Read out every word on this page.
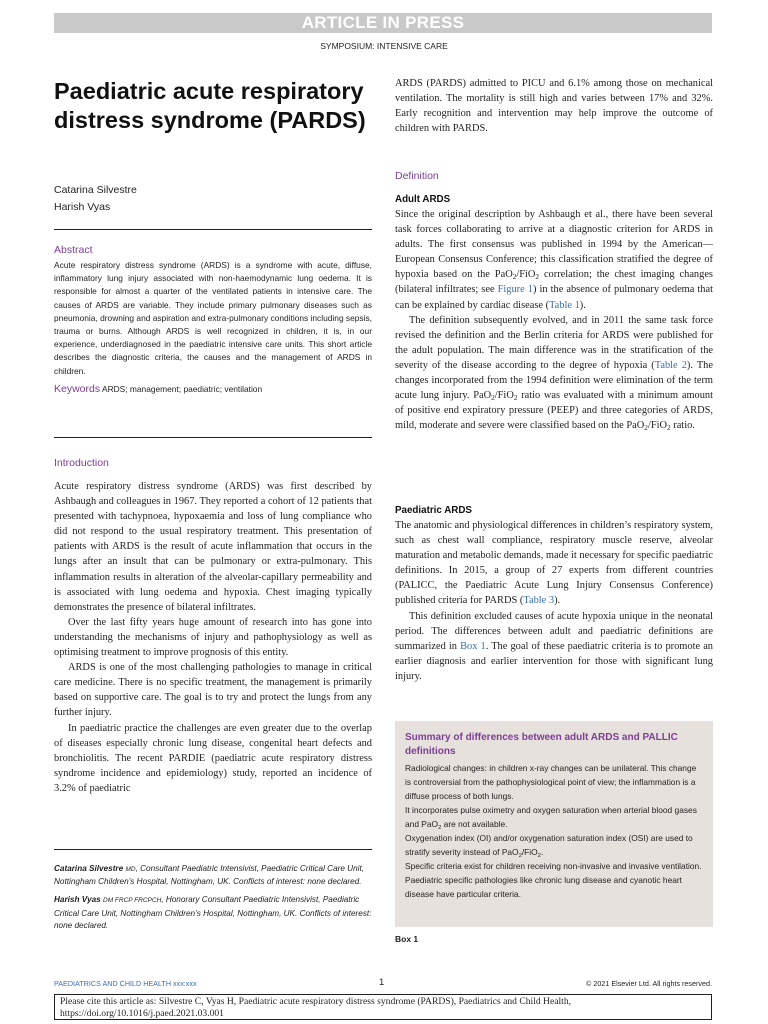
ARTICLE IN PRESS
SYMPOSIUM: INTENSIVE CARE
Paediatric acute respiratory distress syndrome (PARDS)
Catarina Silvestre
Harish Vyas
Abstract
Acute respiratory distress syndrome (ARDS) is a syndrome with acute, diffuse, inflammatory lung injury associated with non-haemodynamic lung oedema. It is responsible for almost a quarter of the ventilated patients in intensive care. The causes of ARDS are variable. They include primary pulmonary diseases such as pneumonia, drowning and aspiration and extra-pulmonary conditions including sepsis, trauma or burns. Although ARDS is well recognized in children, it is, in our experience, underdiagnosed in the paediatric intensive care units. This short article describes the diagnostic criteria, the causes and the management of ARDS in children.
Keywords ARDS; management; paediatric; ventilation
Introduction

Acute respiratory distress syndrome (ARDS) was first described by Ashbaugh and colleagues in 1967. They reported a cohort of 12 patients that presented with tachypnoea, hypoxaemia and loss of lung compliance who did not respond to the usual respiratory treatment. This presentation of patients with ARDS is the result of acute inflammation that occurs in the lungs after an insult that can be pulmonary or extra-pulmonary. This inflammation results in alteration of the alveolar-capillary permeability and is associated with lung oedema and hypoxia. Chest imaging typically demonstrates the presence of bilateral infiltrates.

Over the last fifty years huge amount of research into has gone into understanding the mechanisms of injury and pathophysiology as well as optimising treatment to improve prognosis of this entity.

ARDS is one of the most challenging pathologies to manage in critical care medicine. There is no specific treatment, the management is primarily based on supportive care. The goal is to try and protect the lungs from any further injury.

In paediatric practice the challenges are even greater due to the overlap of diseases especially chronic lung disease, congenital heart defects and bronchiolitis. The recent PARDIE (paediatric acute respiratory distress syndrome incidence and epidemiology) study, reported an incidence of 3.2% of paediatric

Catarina Silvestre MD, Consultant Paediatric Intensivist, Paediatric Critical Care Unit, Nottingham Children’s Hospital, Nottingham, UK. Conflicts of interest: none declared.

Harish Vyas DM FRCP FRCPCH, Honorary Consultant Paediatric Intensivist, Paediatric Critical Care Unit, Nottingham Children’s Hospital, Nottingham, UK. Conflicts of interest: none declared.

ARDS (PARDS) admitted to PICU and 6.1% among those on mechanical ventilation. The mortality is still high and varies between 17% and 32%. Early recognition and intervention may help improve the outcome of children with PARDS.

Definition
Adult ARDS

Since the original description by Ashbaugh et al., there have been several task forces collaborating to arrive at a diagnostic criterion for ARDS in adults. The first consensus was published in 1994 by the American—European Consensus Conference; this classification stratified the degree of hypoxia based on the PaO$_2$/FiO$_2$ correlation; the chest imaging changes (bilateral infiltrates; see Figure 1) in the absence of pulmonary oedema that can be explained by cardiac disease (Table 1).

The definition subsequently evolved, and in 2011 the same task force revised the definition and the Berlin criteria for ARDS were published for the adult population. The main difference was in the stratification of the severity of the disease according to the degree of hypoxia (Table 2). The changes incorporated from the 1994 definition were elimination of the term acute lung injury. PaO$_2$/FiO$_2$ ratio was evaluated with a minimum amount of positive end expiratory pressure (PEEP) and three categories of ARDS, mild, moderate and severe were classified based on the PaO$_2$/FiO$_2$ ratio.

Paediatric ARDS

The anatomic and physiological differences in children’s respiratory system, such as chest wall compliance, respiratory muscle reserve, alveolar maturation and metabolic demands, made it necessary for specific paediatric definitions. In 2015, a group of 27 experts from different countries (PALICC, the Paediatric Acute Lung Injury Consensus Conference) published criteria for PARDS (Table 3).

This definition excluded causes of acute hypoxia unique in the neonatal period. The differences between adult and paediatric definitions are summarized in Box 1. The goal of these paediatric criteria is to promote an earlier diagnosis and earlier intervention for those with significant lung injury.

Summary of differences between adult ARDS and PALLIC definitions
Radiological changes: in children x-ray changes can be unilateral. This change is controversial from the pathophysiological point of view; the inflammation is a diffuse process of both lungs.
It incorporates pulse oximetry and oxygen saturation when arterial blood gases and PaO$_2$ are not available.
Oxygenation index (OI) and/or oxygenation saturation index (OSI) are used to stratify severity instead of PaO$_2$/FiO$_2$.
Specific criteria exist for children receiving non-invasive and invasive ventilation.
Paediatric specific pathologies like chronic lung disease and cyanotic heart disease have particular criteria.
Box 1
PAEDIATRICS AND CHILD HEALTH xxx:xxx	1	© 2021 Elsevier Ltd. All rights reserved.
Please cite this article as: Silvestre C, Vyas H, Paediatric acute respiratory distress syndrome (PARDS), Paediatrics and Child Health, https://doi.org/10.1016/j.paed.2021.03.001
